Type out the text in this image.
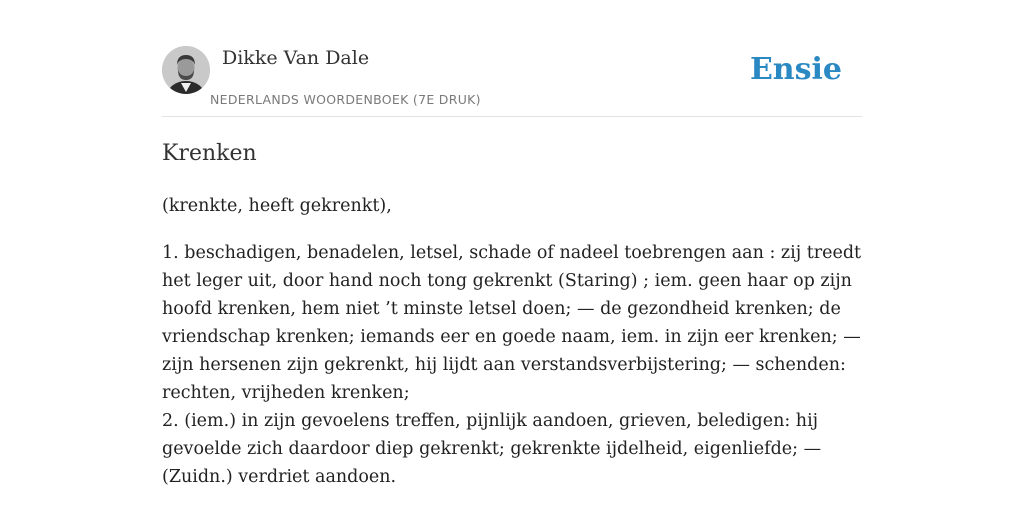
Dikke Van Dale
NEDERLANDS WOORDENBOEK (7E DRUK)
Ensie
Krenken

(krenkte, heeft gekrenkt),

1. beschadigen, benadelen, letsel, schade of nadeel toebrengen aan : zij treedt
het leger uit, door hand noch tong gekrenkt (Staring) ; iem. geen haar op zijn
hoofd krenken, hem niet ’t minste letsel doen; — de gezondheid krenken; de
vriendschap krenken; iemands eer en goede naam, iem. in zijn eer krenken; —
zijn hersenen zijn gekrenkt, hij lijdt aan verstandsverbijstering; — schenden:
rechten, vrijheden krenken;
2. (iem.) in zijn gevoelens treffen, pijnlijk aandoen, grieven, beledigen: hij
gevoelde zich daardoor diep gekrenkt; gekrenkte ijdelheid, eigenliefde; —
(Zuidn.) verdriet aandoen.
